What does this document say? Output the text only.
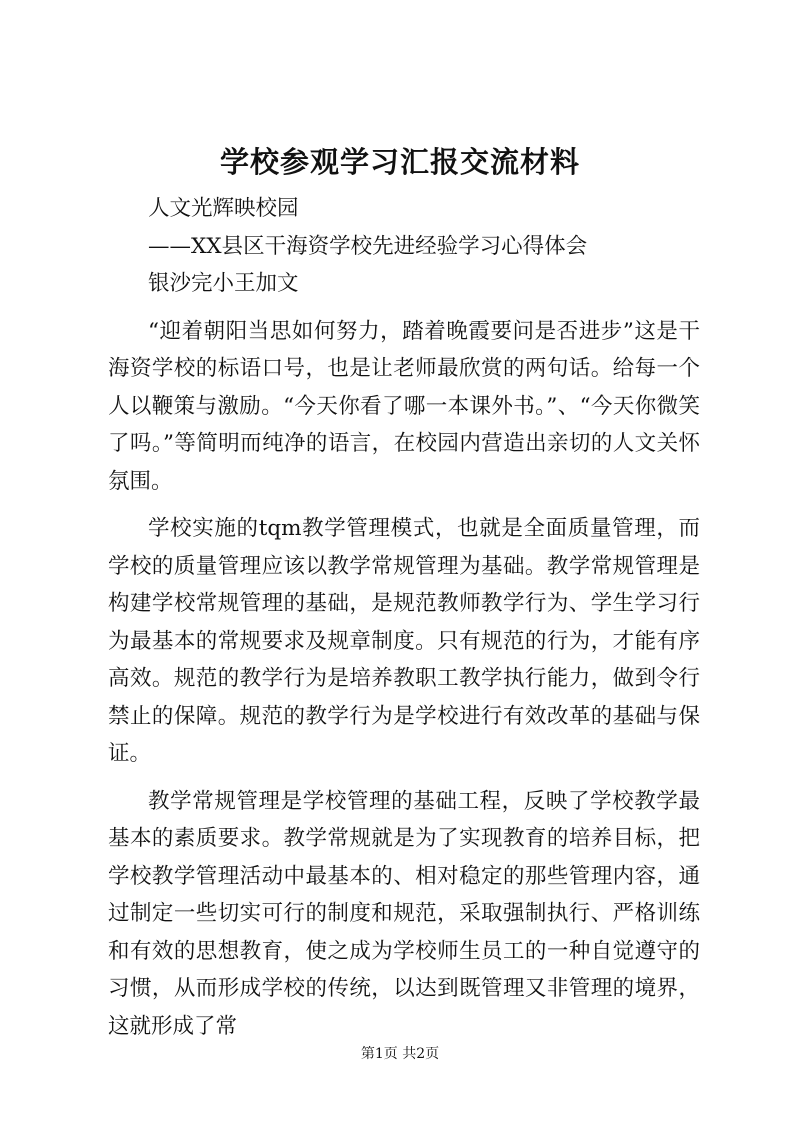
学校参观学习汇报交流材料

人文光辉映校园

——XX县区干海资学校先进经验学习心得体会

银沙完小王加文

“迎着朝阳当思如何努力，踏着晚霞要问是否进步”这是干海资学校的标语口号，也是让老师最欣赏的两句话。给每一个人以鞭策与激励。“今天你看了哪一本课外书。”、“今天你微笑了吗。”等简明而纯净的语言，在校园内营造出亲切的人文关怀氛围。

学校实施的tqm教学管理模式，也就是全面质量管理，而学校的质量管理应该以教学常规管理为基础。教学常规管理是构建学校常规管理的基础，是规范教师教学行为、学生学习行为最基本的常规要求及规章制度。只有规范的行为，才能有序高效。规范的教学行为是培养教职工教学执行能力，做到令行禁止的保障。规范的教学行为是学校进行有效改革的基础与保证。

教学常规管理是学校管理的基础工程，反映了学校教学最基本的素质要求。教学常规就是为了实现教育的培养目标，把学校教学管理活动中最基本的、相对稳定的那些管理内容，通过制定一些切实可行的制度和规范，采取强制执行、严格训练和有效的思想教育，使之成为学校师生员工的一种自觉遵守的习惯，从而形成学校的传统，以达到既管理又非管理的境界，这就形成了常

第1页 共2页
